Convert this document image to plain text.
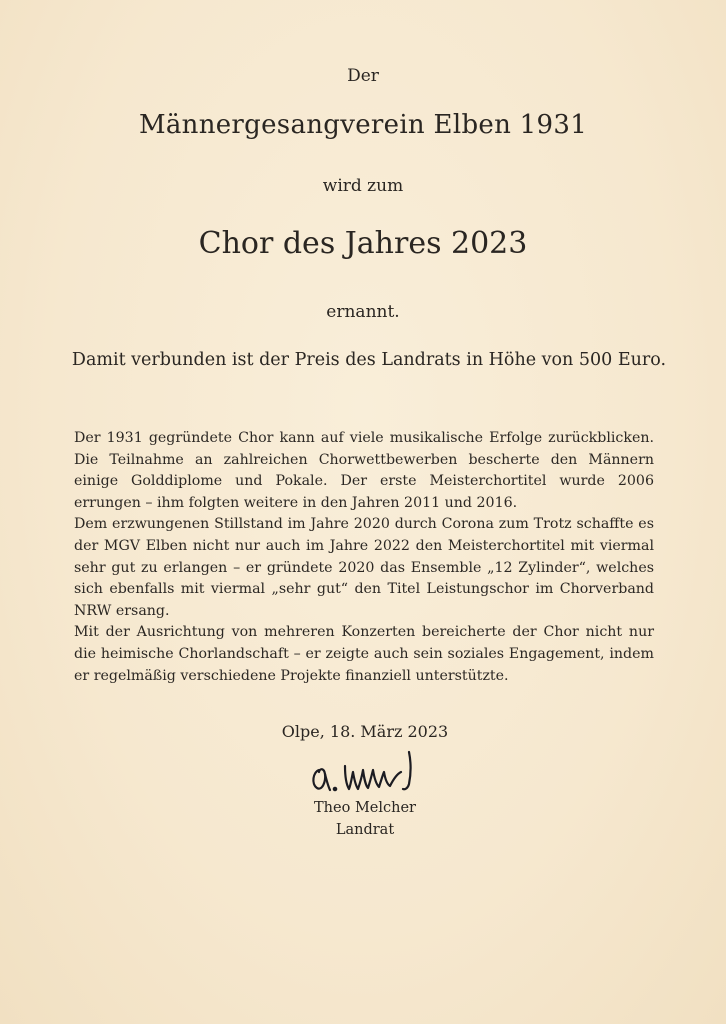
Der
Männergesangverein Elben 1931
wird zum
Chor des Jahres 2023
ernannt.
Damit verbunden ist der Preis des Landrats in Höhe von 500 Euro.

Der 1931 gegründete Chor kann auf viele musikalische Erfolge zurückblicken. Die Teilnahme an zahlreichen Chorwettbewerben bescherte den Männern einige Golddiplome und Pokale. Der erste Meisterchortitel wurde 2006 errungen – ihm folgten weitere in den Jahren 2011 und 2016.

Dem erzwungenen Stillstand im Jahre 2020 durch Corona zum Trotz schaffte es der MGV Elben nicht nur auch im Jahre 2022 den Meisterchortitel mit viermal sehr gut zu erlangen – er gründete 2020 das Ensemble „12 Zylinder“, welches sich ebenfalls mit viermal „sehr gut“ den Titel Leistungschor im Chorverband NRW ersang.

Mit der Ausrichtung von mehreren Konzerten bereicherte der Chor nicht nur die heimische Chorlandschaft – er zeigte auch sein soziales Engagement, indem er regelmäßig verschiedene Projekte finanziell unterstützte.

Olpe, 18. März 2023
Theo Melcher
Landrat
